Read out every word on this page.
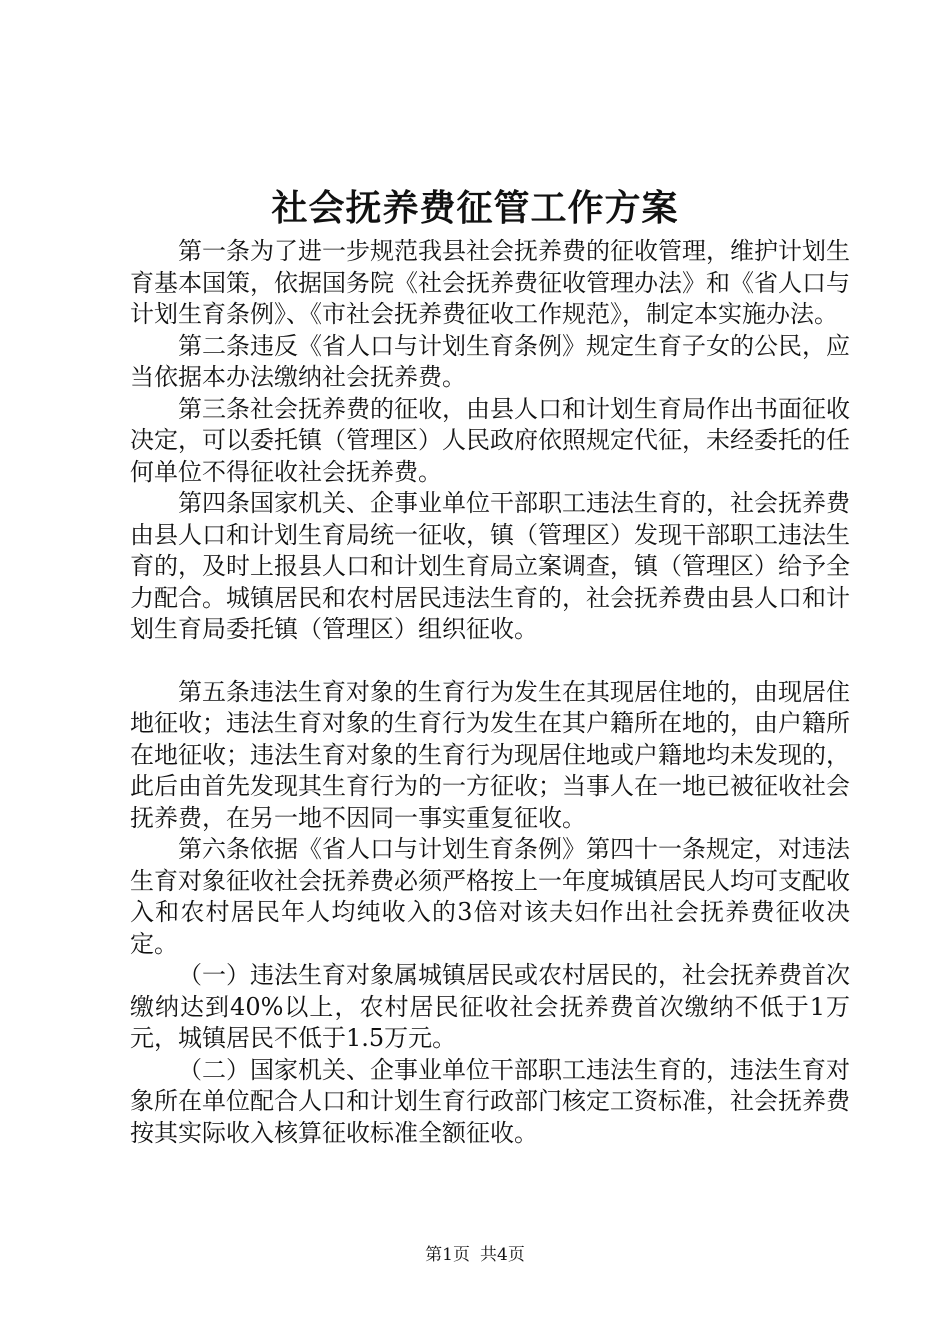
社会抚养费征管工作方案

第一条为了进一步规范我县社会抚养费的征收管理，维护计划生育基本国策，依据国务院《社会抚养费征收管理办法》和《省人口与计划生育条例》、《市社会抚养费征收工作规范》，制定本实施办法。

第二条违反《省人口与计划生育条例》规定生育子女的公民，应当依据本办法缴纳社会抚养费。

第三条社会抚养费的征收，由县人口和计划生育局作出书面征收决定，可以委托镇（管理区）人民政府依照规定代征，未经委托的任何单位不得征收社会抚养费。

第四条国家机关、企事业单位干部职工违法生育的，社会抚养费由县人口和计划生育局统一征收，镇（管理区）发现干部职工违法生育的，及时上报县人口和计划生育局立案调查，镇（管理区）给予全力配合。城镇居民和农村居民违法生育的，社会抚养费由县人口和计划生育局委托镇（管理区）组织征收。

第五条违法生育对象的生育行为发生在其现居住地的，由现居住地征收；违法生育对象的生育行为发生在其户籍所在地的，由户籍所在地征收；违法生育对象的生育行为现居住地或户籍地均未发现的，此后由首先发现其生育行为的一方征收；当事人在一地已被征收社会抚养费，在另一地不因同一事实重复征收。

第六条依据《省人口与计划生育条例》第四十一条规定，对违法生育对象征收社会抚养费必须严格按上一年度城镇居民人均可支配收入和农村居民年人均纯收入的3倍对该夫妇作出社会抚养费征收决定。

（一）违法生育对象属城镇居民或农村居民的，社会抚养费首次缴纳达到40%以上，农村居民征收社会抚养费首次缴纳不低于1万元，城镇居民不低于1.5万元。

（二）国家机关、企事业单位干部职工违法生育的，违法生育对象所在单位配合人口和计划生育行政部门核定工资标准，社会抚养费按其实际收入核算征收标准全额征收。

第1页 共4页
